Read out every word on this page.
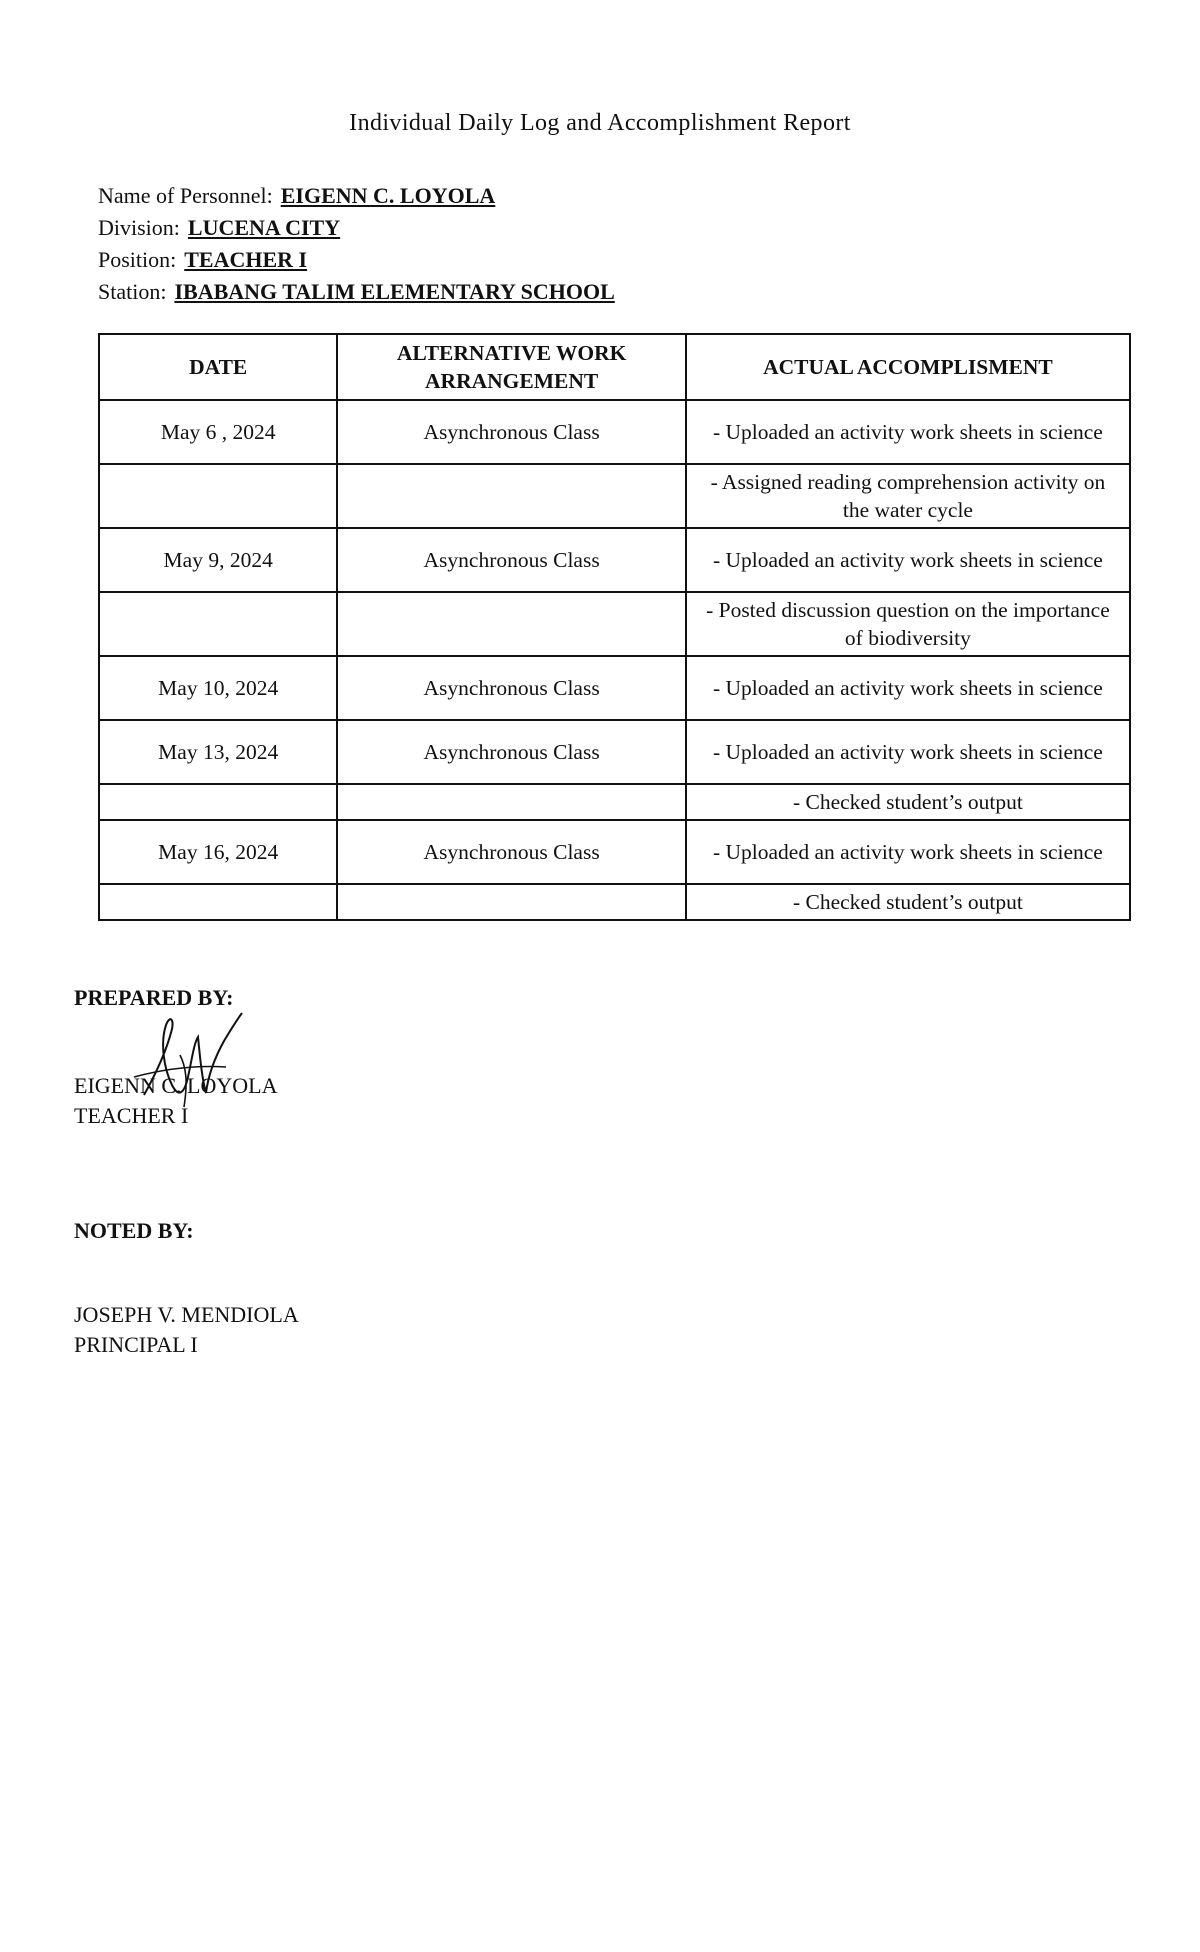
Individual Daily Log and Accomplishment Report
Name of Personnel: EIGENN C. LOYOLA
Division: LUCENA CITY
Position: TEACHER I
Station: IBABANG TALIM ELEMENTARY SCHOOL
DATE	ALTERNATIVE WORK ARRANGEMENT	ACTUAL ACCOMPLISMENT
May 6 , 2024	Asynchronous Class	- Uploaded an activity work sheets in science
		- Assigned reading comprehension activity on the water cycle
May 9, 2024	Asynchronous Class	- Uploaded an activity work sheets in science
		- Posted discussion question on the importance of biodiversity
May 10, 2024	Asynchronous Class	- Uploaded an activity work sheets in science
May 13, 2024	Asynchronous Class	- Uploaded an activity work sheets in science
		- Checked student’s output
May 16, 2024	Asynchronous Class	- Uploaded an activity work sheets in science
		- Checked student’s output
PREPARED BY:
EIGENN C. LOYOLA
TEACHER I
NOTED BY:
JOSEPH V. MENDIOLA
PRINCIPAL I
